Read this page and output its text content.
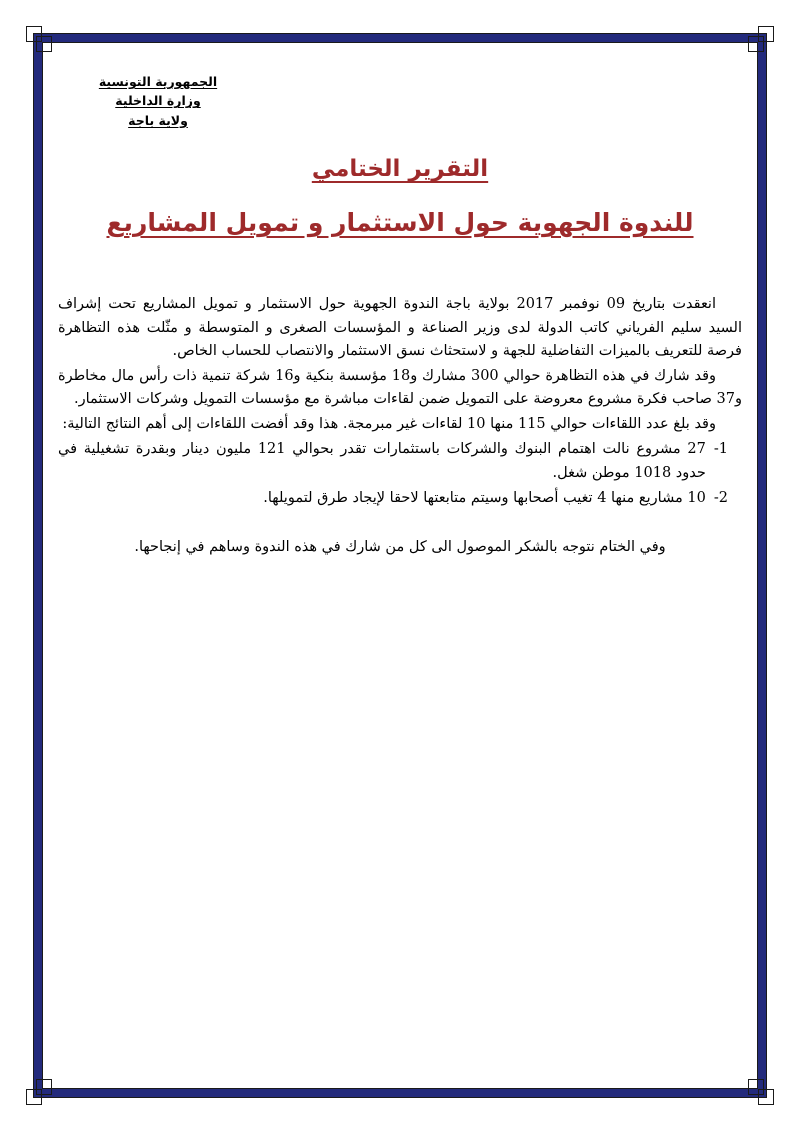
الجمهورية التونسية
وزارة الداخلية
ولاية باجة
التقرير الختامي
للندوة الجهوية حول الاستثمار و تمويل المشاريع

انعقدت بتاريخ 09 نوفمبر 2017 بولاية باجة الندوة الجهوية حول الاستثمار و تمويل المشاريع تحت إشراف السيد سليم الفرياني كاتب الدولة لدى وزير الصناعة و المؤسسات الصغرى و المتوسطة و مثّلت هذه التظاهرة فرصة للتعريف بالميزات التفاضلية للجهة و لاستحثاث نسق الاستثمار والانتصاب للحساب الخاص.

وقد شارك في هذه التظاهرة حوالي 300 مشارك و18 مؤسسة بنكية و16 شركة تنمية ذات رأس مال مخاطرة و37 صاحب فكرة مشروع معروضة على التمويل ضمن لقاءات مباشرة مع مؤسسات التمويل وشركات الاستثمار.

وقد بلغ عدد اللقاءات حوالي 115 منها 10 لقاءات غير مبرمجة. هذا وقد أفضت اللقاءات إلى أهم النتائج التالية:

1-
27 مشروع نالت اهتمام البنوك والشركات باستثمارات تقدر بحوالي 121 مليون دينار وبقدرة تشغيلية في حدود 1018 موطن شغل.
2-
10 مشاريع منها 4 تغيب أصحابها وسيتم متابعتها لاحقا لإيجاد طرق لتمويلها.

وفي الختام نتوجه بالشكر الموصول الى كل من شارك في هذه الندوة وساهم في إنجاحها.
